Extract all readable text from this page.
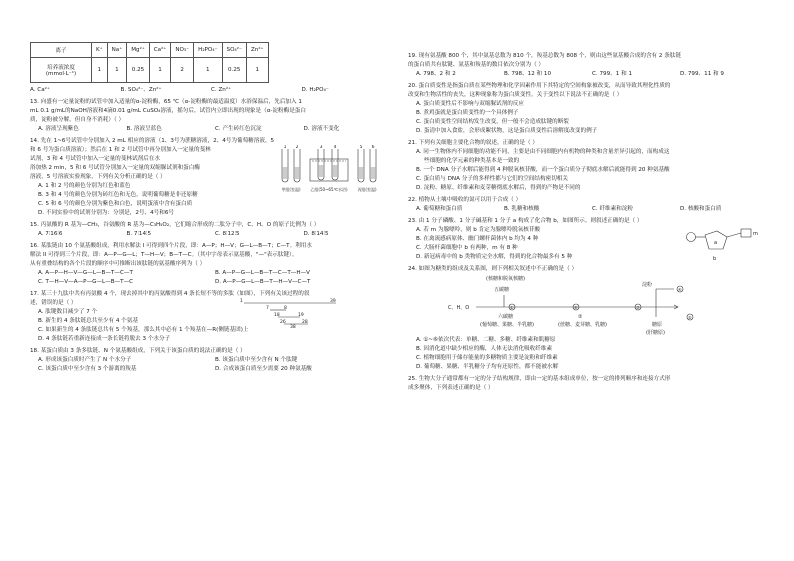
离子	K⁺	Na⁺	Mg²⁺	Ca²⁺	NO₃⁻	H₂PO₄⁻	SO₄²⁻	Zn²⁺

培养液浓度
(mmol·L⁻¹)	1	1	0.25	1	2	1	0.25	1
A. Ca²⁺	B. SO₄²⁻、Zn²⁺	C. Zn²⁺	D. H₂PO₄⁻

13. 向盛有一定量淀粉的试管中加入适量的α-淀粉酶，65 ℃（α-淀粉酶的最适温度）水浴保温后，先后加入 1

mL 0.1 g/mL的NaOH溶液和4滴0.01 g/mL CuSO₄溶液，摇匀后，试管内立即出现的现象是（α-淀粉酶是蛋白

质，淀粉被分解，但自身不消耗）（ ）

A. 溶液呈现紫色	B. 溶液呈蓝色	C. 产生砖红色沉淀	D. 溶液不变化

14. 先在 1~6号试管中分别加入 2 mL 相应的溶液（1、3号为蔗糖溶液，2、4号为葡萄糖溶液，5

和 6 号为蛋白质溶液）；然后在 1 和 2 号试管中再分别加入一定量的斐林

试剂，3 和 4 号试管中加入一定量的斐林试剂后在水

浴加热 2 min，5 和 6 号试管分别加入一定量的双缩脲试剂和蛋白酶

溶液，5 号溶液实验现象，下列有关分析正确的是（ ）

1 2	3 4	5 6
甲组(室温) 乙组(50~65℃水浴) 丙组(室温)

A. 1 和 2 号的颜色分别为红色和蓝色

B. 3 和 4 号的颜色分别为砖红色和无色，说明葡萄糖是非还原糖

C. 5 和 6 号的颜色分别为紫色和白色，说明蛋液中含有蛋白质

D. 不同实验中的试剂分别为：分别是，2号、4号和6号

15. 丙氨酸的 R 基为—CH₃，谷氨酸的 R 基为—C₃H₅O₂，它们缩合形成的二肽分子中，C、H、O 的原子比例为（ ）

A. 7∶16∶6	B. 7∶14∶5	C. 8∶12∶5	D. 8∶14∶5

16. 某肽链由 10 个氨基酸组成，利用水解法 I 可得到四个片段，即：A—P；H—V；G—L—B—T；C—T。利用水

解法 II 可得到三个片段，即：A—P—G—L；T—H—V；B—T—C。（其中字母表示氨基酸，"—"表示肽键）。

从有重叠结构的各个片段的顺序中可推断出该肽链的氨基酸序列为（ ）

A. A—P—H—V—G—L—B—T—C—T	B. A—P—G—L—B—T—C—T—H—V
C. T—H—V—A—P—G—L—B—T—C	D. A—P—G—L—B—T—H—V—C—T

17. 某三十九肽中共有丙氨酸 4 个，现去掉其中的丙氨酸得到 4 条长短不等的多肽（如图），下列有关该过程的叙

述，错误的是（ ）	1	39
7	8
18	19
26	28
38

A. 肽键数目减少了 7 个

B. 新生的 4 条肽链总共至少有 4 个氨基

C. 如果新生的 4 条肽链总共有 5 个羧基，那么其中必有 1 个羧基在—R(侧链基团)上

D. 4 条肽链若重新连接成一条长链将脱去 3 个水分子

18. 某蛋白质由 3 条多肽链、N 个氨基酸组成，下列关于该蛋白质的说法正确的是（ ）

A. 形成该蛋白质时产生了 N 个水分子	B. 该蛋白质中至少含有 N 个肽键
C. 该蛋白质中至少含有 3 个游离的羧基	D. 合成该蛋白质至少需要 20 种氨基酸

19. 现有氨基酸 800 个，其中氨基总数为 810 个，羧基总数为 808 个，则由这些氨基酸合成的含有 2 条肽链

的蛋白质共有肽键、氨基和羧基的数目依次分别为（ ）

A. 798、2 和 2	B. 798、12 和 10	C. 799、1 和 1	D. 799、11 和 9

20. 蛋白质变性是指蛋白质在某些物理和化学因素作用下其特定的空间构象被改变，从而导致其理化性质的

改变和生物活性的丧失，这种现象称为蛋白质变性。关于变性以下说法不正确的是（ ）

A. 蛋白质变性后不影响与双缩脲试剂的反应

B. 煮鸡蛋就是蛋白质变性的一个具体例子

C. 蛋白质变性空间结构发生改变，但一般不会造成肽键的断裂

D. 蛋清中加入食盐，会形成絮状物，这是蛋白质变性后溶解度改变的例子

21. 下列有关细胞主要化合物的叙述，正确的是（ ）

A. 同一生物体内不同细胞的功能不同，主要是由不同细胞内有机物的种类和含量差异引起的，而构成这

些细胞的化学元素的种类基本是一致的

B. 一个 DNA 分子水解后能得到 4 种脱氧核苷酸，而一个蛋白质分子彻底水解后就能得到 20 种氨基酸

C. 蛋白质与 DNA 分子的多样性都与它们的空间结构密切相关

D. 淀粉、糖原、纤维素和麦芽糖彻底水解后，得到的产物是不同的

22. 植物从土壤中吸收的氮可以用于合成（ ）

A. 葡萄糖和蛋白质	B. 乳糖和核酸	C. 纤维素和淀粉	D. 核酸和蛋白质

23. 由 1 分子磷酸、1 分子碱基和 1 分子 a 构成了化合物 b，如图所示。则叙述正确的是（ ）

A. 若 m 为腺嘌呤，则 b 肯定为腺嘌呤脱氧核苷酸

B. 在禽流感病原体、幽门螺杆菌体内 b 均为 4 种

C. 大肠杆菌细胞中 b 有两种，m 有 8 种

D. 新冠病毒中的 b 类物质完全水解，得到的化合物最多有 5 种

m
a
b

24. 如图为糖类的组成及关系图，则下列相关叙述中不正确的是（ ）

(核糖和脱氧核糖)
五碳糖
淀粉
C、H、O
六碳糖
(葡萄糖、果糖、半乳糖)
②
(蔗糖、麦芽糖、乳糖)	糖原
(肝糖原)
①	③
④
⑤
⑥

A. ①~⑥依次代表：单糖、二糖、多糖、纤维素和肌糖原

B. 因消化道中缺少相应的酶，人体无法消化吸收纤维素

C. 植物细胞用于储存能量的多糖物质主要是淀粉和纤维素

D. 葡萄糖、果糖、半乳糖分子均有还原性，都不能被水解

25. 生物大分子通常都有一定的分子结构规律，即由一定的基本组成单位，按一定的排列顺序和连接方式形

成多聚体，下列表述正确的是（ ）
